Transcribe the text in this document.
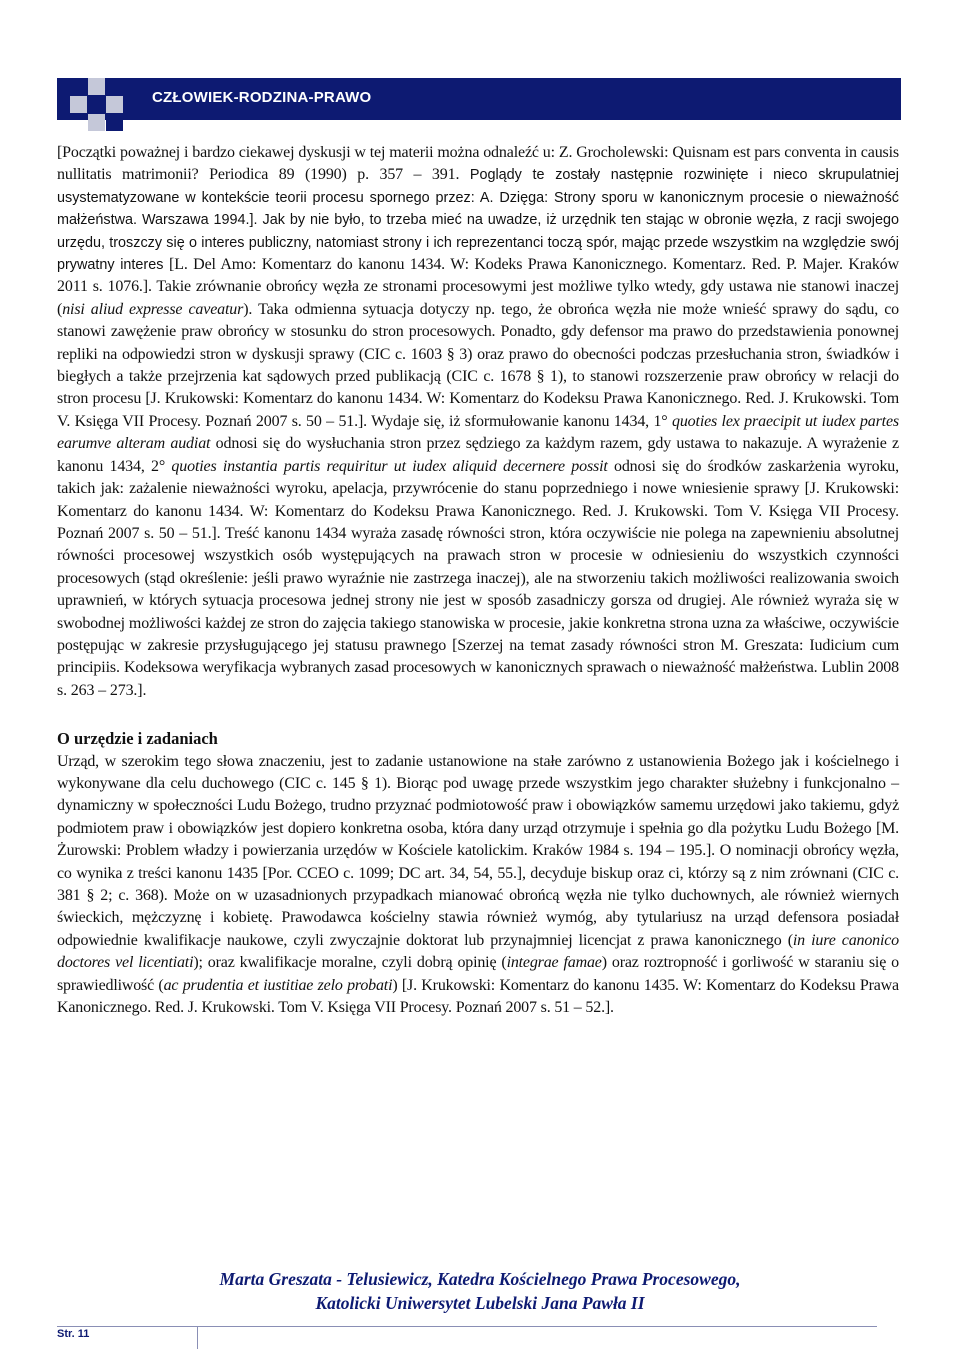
CZŁOWIEK-RODZINA-PRAWO

[Początki poważnej i bardzo ciekawej dyskusji w tej materii można odnaleźć u: Z. Grocholewski: Quisnam est pars conventa in causis nullitatis matrimonii? Periodica 89 (1990) p. 357 – 391. Poglądy te zostały następnie rozwinięte i nieco skrupulatniej usystematyzowane w kontekście teorii procesu spornego przez: A. Dzięga: Strony sporu w kanonicznym procesie o nieważność małżeństwa. Warszawa 1994.]. Jak by nie było, to trzeba mieć na uwadze, iż urzędnik ten stając w obronie węzła, z racji swojego urzędu, troszczy się o interes publiczny, natomiast strony i ich reprezentanci toczą spór, mając przede wszystkim na względzie swój prywatny interes [L. Del Amo: Komentarz do kanonu 1434. W: Kodeks Prawa Kanonicznego. Komentarz. Red. P. Majer. Kraków 2011 s. 1076.]. Takie zrównanie obrońcy węzła ze stronami procesowymi jest możliwe tylko wtedy, gdy ustawa nie stanowi inaczej (nisi aliud expresse caveatur). Taka odmienna sytuacja dotyczy np. tego, że obrońca węzła nie może wnieść sprawy do sądu, co stanowi zawężenie praw obrońcy w stosunku do stron procesowych. Ponadto, gdy defensor ma prawo do przedstawienia ponownej repliki na odpowiedzi stron w dyskusji sprawy (CIC c. 1603 § 3) oraz prawo do obecności podczas przesłuchania stron, świadków i biegłych a także przejrzenia kat sądowych przed publikacją (CIC c. 1678 § 1), to stanowi rozszerzenie praw obrońcy w relacji do stron procesu [J. Krukowski: Komentarz do kanonu 1434. W: Komentarz do Kodeksu Prawa Kanonicznego. Red. J. Krukowski. Tom V. Księga VII Procesy. Poznań 2007 s. 50 – 51.]. Wydaje się, iż sformułowanie kanonu 1434, 1° quoties lex praecipit ut iudex partes earumve alteram audiat odnosi się do wysłuchania stron przez sędziego za każdym razem, gdy ustawa to nakazuje. A wyrażenie z kanonu 1434, 2° quoties instantia partis requiritur ut iudex aliquid decernere possit odnosi się do środków zaskarżenia wyroku, takich jak: zażalenie nieważności wyroku, apelacja, przywrócenie do stanu poprzedniego i nowe wniesienie sprawy [J. Krukowski: Komentarz do kanonu 1434. W: Komentarz do Kodeksu Prawa Kanonicznego. Red. J. Krukowski. Tom V. Księga VII Procesy. Poznań 2007 s. 50 – 51.]. Treść kanonu 1434 wyraża zasadę równości stron, która oczywiście nie polega na zapewnieniu absolutnej równości procesowej wszystkich osób występujących na prawach stron w procesie w odniesieniu do wszystkich czynności procesowych (stąd określenie: jeśli prawo wyraźnie nie zastrzega inaczej), ale na stworzeniu takich możliwości realizowania swoich uprawnień, w których sytuacja procesowa jednej strony nie jest w sposób zasadniczy gorsza od drugiej. Ale również wyraża się w swobodnej możliwości każdej ze stron do zajęcia takiego stanowiska w procesie, jakie konkretna strona uzna za właściwe, oczywiście postępując w zakresie przysługującego jej statusu prawnego [Szerzej na temat zasady równości stron M. Greszata: Iudicium cum principiis. Kodeksowa weryfikacja wybranych zasad procesowych w kanonicznych sprawach o nieważność małżeństwa. Lublin 2008 s. 263 – 273.].

O urzędzie i zadaniach

Urząd, w szerokim tego słowa znaczeniu, jest to zadanie ustanowione na stałe zarówno z ustanowienia Bożego jak i kościelnego i wykonywane dla celu duchowego (CIC c. 145 § 1). Biorąc pod uwagę przede wszystkim jego charakter służebny i funkcjonalno – dynamiczny w społeczności Ludu Bożego, trudno przyznać podmiotowość praw i obowiązków samemu urzędowi jako takiemu, gdyż podmiotem praw i obowiązków jest dopiero konkretna osoba, która dany urząd otrzymuje i spełnia go dla pożytku Ludu Bożego [M. Żurowski: Problem władzy i powierzania urzędów w Kościele katolickim. Kraków 1984 s. 194 – 195.]. O nominacji obrońcy węzła, co wynika z treści kanonu 1435 [Por. CCEO c. 1099; DC art. 34, 54, 55.], decyduje biskup oraz ci, którzy są z nim zrównani (CIC c. 381 § 2; c. 368). Może on w uzasadnionych przypadkach mianować obrońcą węzła nie tylko duchownych, ale również wiernych świeckich, mężczyznę i kobietę. Prawodawca kościelny stawia również wymóg, aby tytulariusz na urząd defensora posiadał odpowiednie kwalifikacje naukowe, czyli zwyczajnie doktorat lub przynajmniej licencjat z prawa kanonicznego (in iure canonico doctores vel licentiati); oraz kwalifikacje moralne, czyli dobrą opinię (integrae famae) oraz roztropność i gorliwość w staraniu się o sprawiedliwość (ac prudentia et iustitiae zelo probati) [J. Krukowski: Komentarz do kanonu 1435. W: Komentarz do Kodeksu Prawa Kanonicznego. Red. J. Krukowski. Tom V. Księga VII Procesy. Poznań 2007 s. 51 – 52.].

Marta Greszata - Telusiewicz, Katedra Kościelnego Prawa Procesowego,
Katolicki Uniwersytet Lubelski Jana Pawła II
Str. 11
